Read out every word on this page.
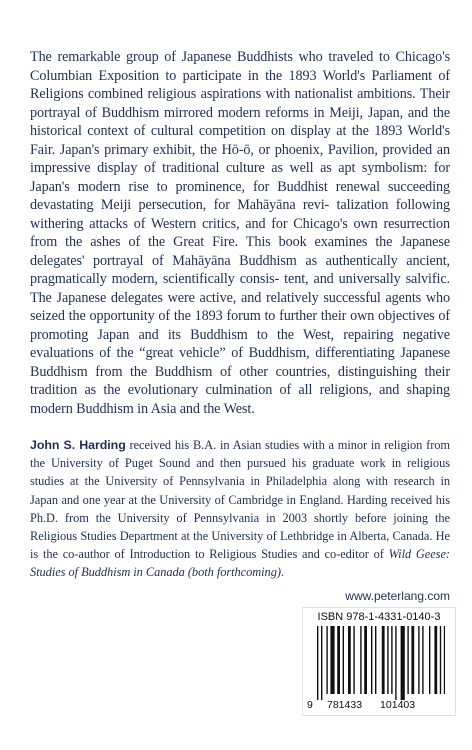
The remarkable group of Japanese Buddhists who traveled to Chicago's Columbian Exposition to participate in the 1893 World's Parliament of Religions combined religious aspirations with nationalist ambitions. Their portrayal of Buddhism mirrored modern reforms in Meiji, Japan, and the historical context of cultural competition on display at the 1893 World's Fair. Japan's primary exhibit, the Hō-ō, or phoenix, Pavilion, provided an impressive display of traditional culture as well as apt symbolism: for Japan's modern rise to prominence, for Buddhist renewal succeeding devastating Meiji persecution, for Mahāyāna revi- talization following withering attacks of Western critics, and for Chicago's own resurrection from the ashes of the Great Fire. This book examines the Japanese delegates' portrayal of Mahāyāna Buddhism as authentically ancient, pragmatically modern, scientifically consis- tent, and universally salvific. The Japanese delegates were active, and relatively successful agents who seized the opportunity of the 1893 forum to further their own objectives of promoting Japan and its Buddhism to the West, repairing negative evaluations of the “great vehicle” of Buddhism, differentiating Japanese Buddhism from the Buddhism of other countries, distinguishing their tradition as the evolutionary culmination of all religions, and shaping modern Buddhism in Asia and the West.

John S. Harding received his B.A. in Asian studies with a minor in religion from the University of Puget Sound and then pursued his graduate work in religious studies at the University of Pennsylvania in Philadelphia along with research in Japan and one year at the University of Cambridge in England. Harding received his Ph.D. from the University of Pennsylvania in 2003 shortly before joining the Religious Studies Department at the University of Lethbridge in Alberta, Canada. He is the co-author of Introduction to Religious Studies and co-editor of Wild Geese: Studies of Buddhism in Canada (both forthcoming).

www.peterlang.com
ISBN 978-1-4331-0140-3
9 781433 101403
